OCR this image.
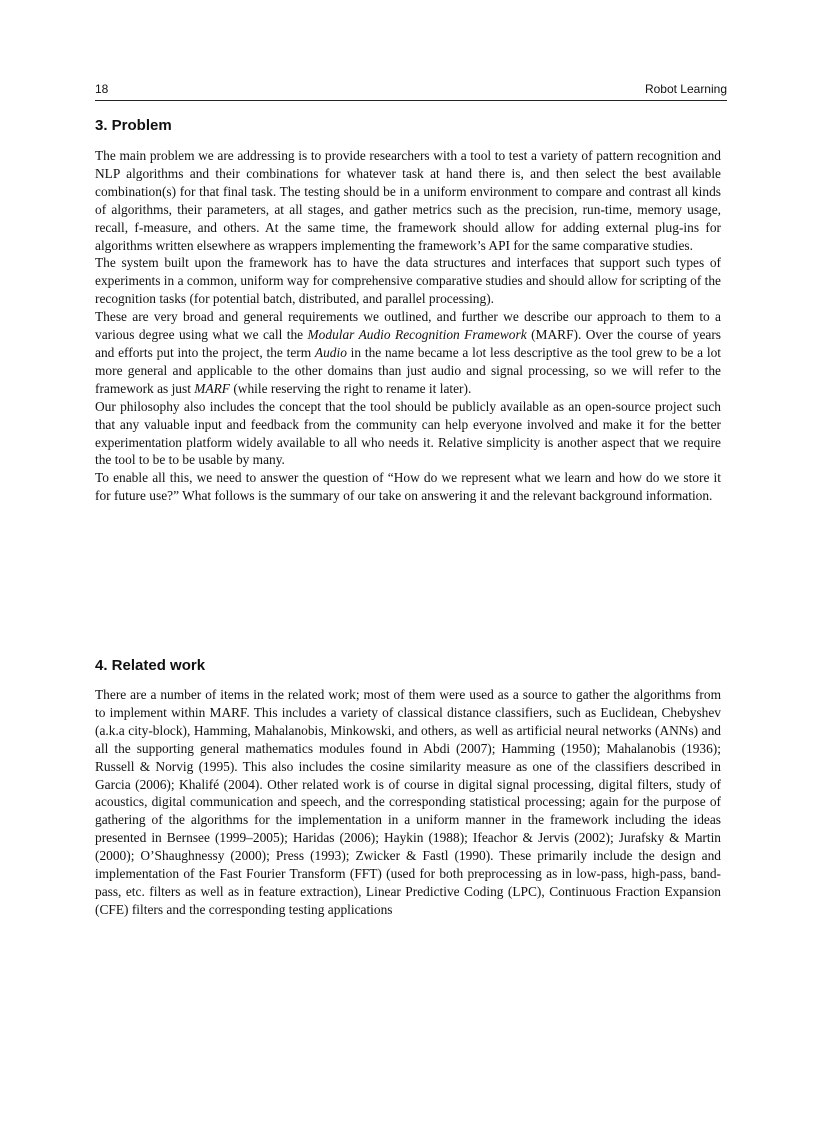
18	Robot Learning
3. Problem

The main problem we are addressing is to provide researchers with a tool to test a variety of pattern recognition and NLP algorithms and their combinations for whatever task at hand there is, and then select the best available combination(s) for that final task. The testing should be in a uniform environment to compare and contrast all kinds of algorithms, their parameters, at all stages, and gather metrics such as the precision, run-time, memory usage, recall, f-measure, and others. At the same time, the framework should allow for adding external plug-ins for algorithms written elsewhere as wrappers implementing the framework’s API for the same comparative studies.

The system built upon the framework has to have the data structures and interfaces that support such types of experiments in a common, uniform way for comprehensive comparative studies and should allow for scripting of the recognition tasks (for potential batch, distributed, and parallel processing).

These are very broad and general requirements we outlined, and further we describe our approach to them to a various degree using what we call the Modular Audio Recognition Framework (MARF). Over the course of years and efforts put into the project, the term Audio in the name became a lot less descriptive as the tool grew to be a lot more general and applicable to the other domains than just audio and signal processing, so we will refer to the framework as just MARF (while reserving the right to rename it later).

Our philosophy also includes the concept that the tool should be publicly available as an open-source project such that any valuable input and feedback from the community can help everyone involved and make it for the better experimentation platform widely available to all who needs it. Relative simplicity is another aspect that we require the tool to be to be usable by many.

To enable all this, we need to answer the question of “How do we represent what we learn and how do we store it for future use?” What follows is the summary of our take on answering it and the relevant background information.

4. Related work

There are a number of items in the related work; most of them were used as a source to gather the algorithms from to implement within MARF. This includes a variety of classical distance classifiers, such as Euclidean, Chebyshev (a.k.a city-block), Hamming, Mahalanobis, Minkowski, and others, as well as artificial neural networks (ANNs) and all the supporting general mathematics modules found in Abdi (2007); Hamming (1950); Mahalanobis (1936); Russell & Norvig (1995). This also includes the cosine similarity measure as one of the classifiers described in Garcia (2006); Khalifé (2004). Other related work is of course in digital signal processing, digital filters, study of acoustics, digital communication and speech, and the corresponding statistical processing; again for the purpose of gathering of the algorithms for the implementation in a uniform manner in the framework including the ideas presented in Bernsee (1999–2005); Haridas (2006); Haykin (1988); Ifeachor & Jervis (2002); Jurafsky & Martin (2000); O’Shaughnessy (2000); Press (1993); Zwicker & Fastl (1990). These primarily include the design and implementation of the Fast Fourier Transform (FFT) (used for both preprocessing as in low-pass, high-pass, band-pass, etc. filters as well as in feature extraction), Linear Predictive Coding (LPC), Continuous Fraction Expansion (CFE) filters and the corresponding testing applications
